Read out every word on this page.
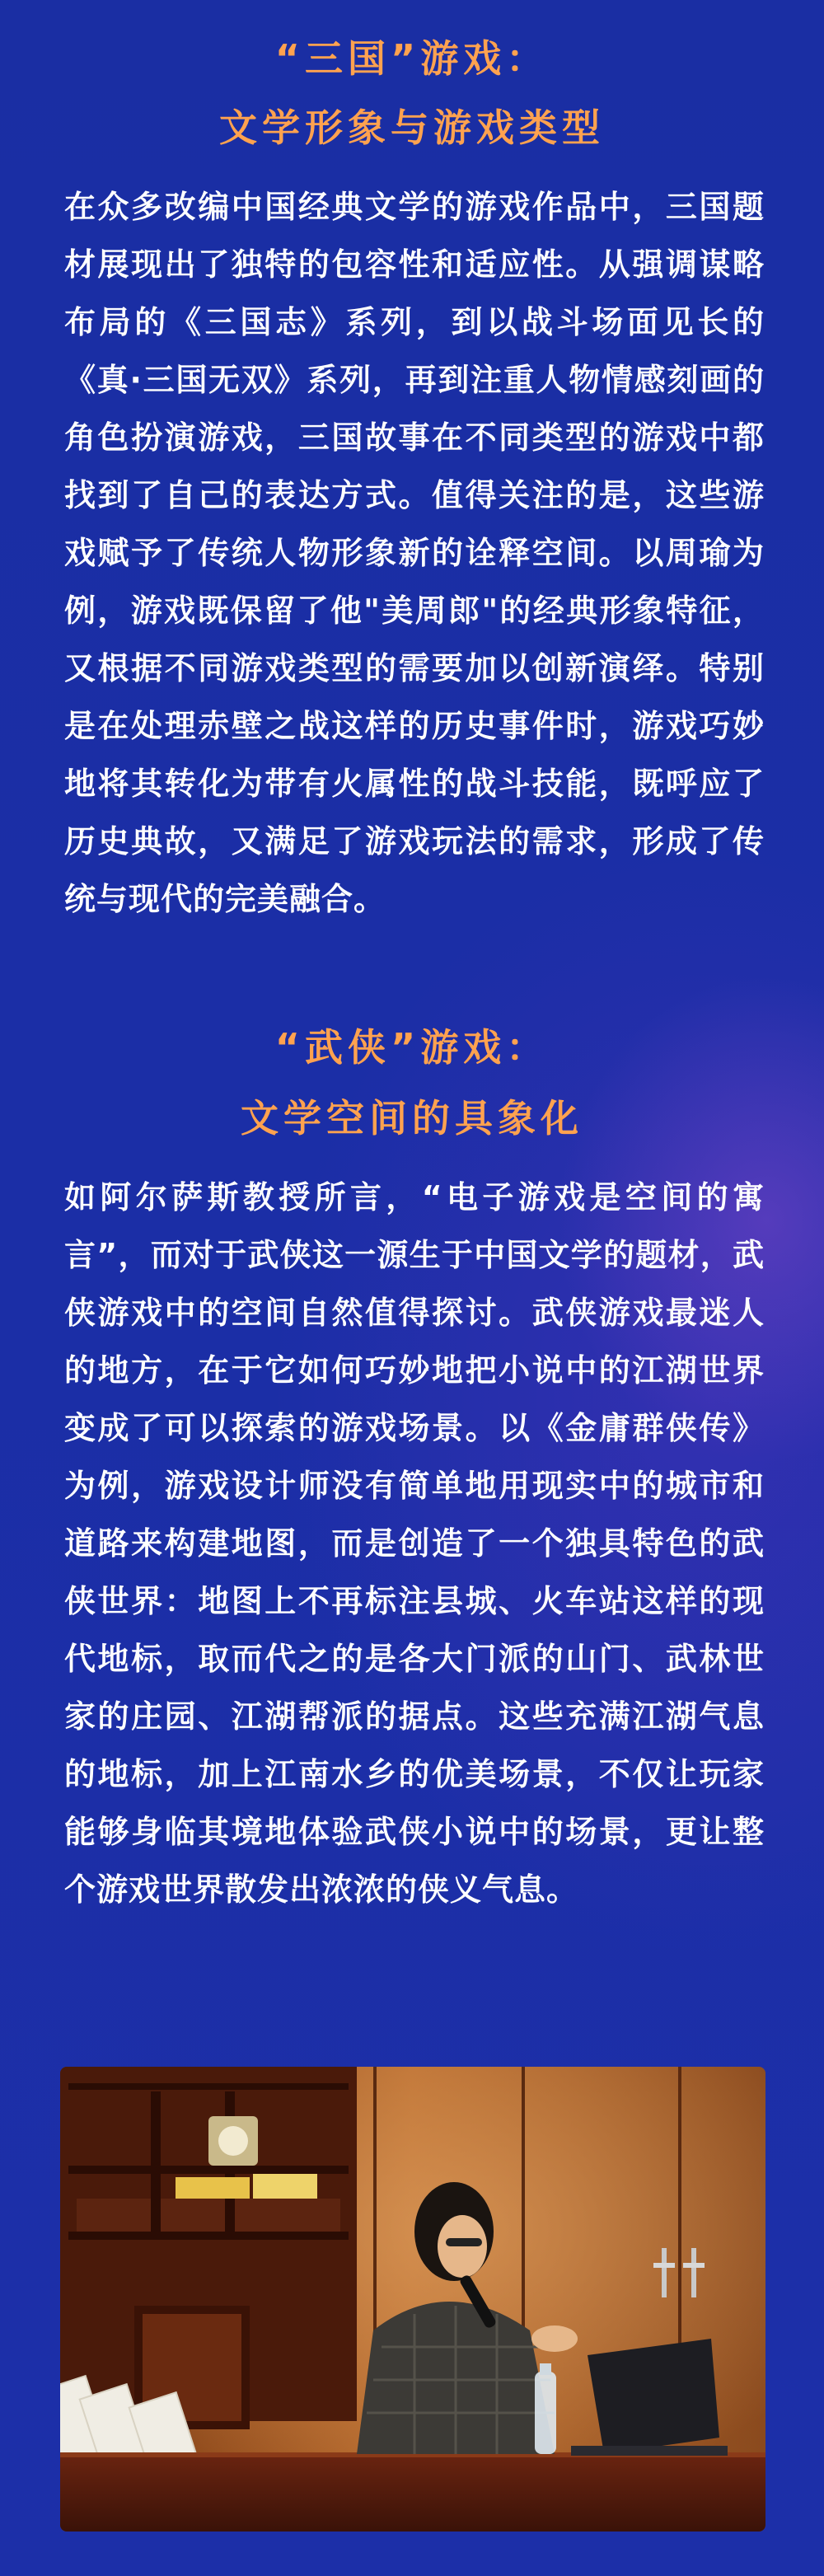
“三国”游戏：
文学形象与游戏类型
在众多改编中国经典文学的游戏作品中，三国题材展现出了独特的包容性和适应性。从强调谋略布局的《三国志》系列，到以战斗场面见长的《真·三国无双》系列，再到注重人物情感刻画的角色扮演游戏，三国故事在不同类型的游戏中都找到了自己的表达方式。值得关注的是，这些游戏赋予了传统人物形象新的诠释空间。以周瑜为例，游戏既保留了他"美周郎"的经典形象特征，又根据不同游戏类型的需要加以创新演绎。特别是在处理赤壁之战这样的历史事件时，游戏巧妙地将其转化为带有火属性的战斗技能，既呼应了历史典故，又满足了游戏玩法的需求，形成了传统与现代的完美融合。
“武侠”游戏：
文学空间的具象化
如阿尔萨斯教授所言，“电子游戏是空间的寓言”，而对于武侠这一源生于中国文学的题材，武侠游戏中的空间自然值得探讨。武侠游戏最迷人的地方，在于它如何巧妙地把小说中的江湖世界变成了可以探索的游戏场景。以《金庸群侠传》为例，游戏设计师没有简单地用现实中的城市和道路来构建地图，而是创造了一个独具特色的武侠世界：地图上不再标注县城、火车站这样的现代地标，取而代之的是各大门派的山门、武林世家的庄园、江湖帮派的据点。这些充满江湖气息的地标，加上江南水乡的优美场景，不仅让玩家能够身临其境地体验武侠小说中的场景，更让整个游戏世界散发出浓浓的侠义气息。
